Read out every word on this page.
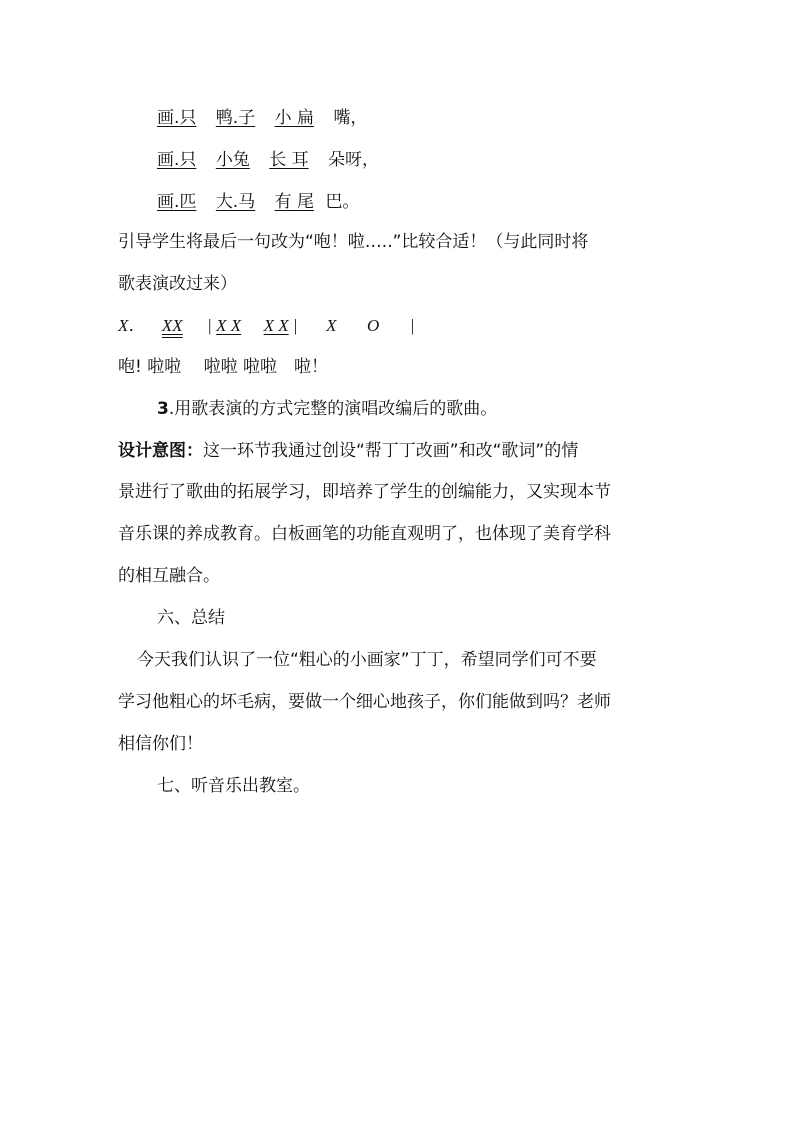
画.只 鸭.子 小 扁 嘴，
画.只 小兔 长 耳 朵呀，
画.匹 大.马 有 尾 巴。
引导学生将最后一句改为“咆！啦…..”比较合适！（与此同时将
歌表演改过来）
X． XX | X X X X | X O |
咆! 啦啦　 啦啦 啦啦　啦！
3.用歌表演的方式完整的演唱改编后的歌曲。
设计意图：这一环节我通过创设“帮丁丁改画”和改“歌词”的情
景进行了歌曲的拓展学习，即培养了学生的创编能力，又实现本节
音乐课的养成教育。白板画笔的功能直观明了，也体现了美育学科
的相互融合。
六、总结
今天我们认识了一位“粗心的小画家”丁丁，希望同学们可不要
学习他粗心的坏毛病，要做一个细心地孩子，你们能做到吗？老师
相信你们！
七、听音乐出教室。
